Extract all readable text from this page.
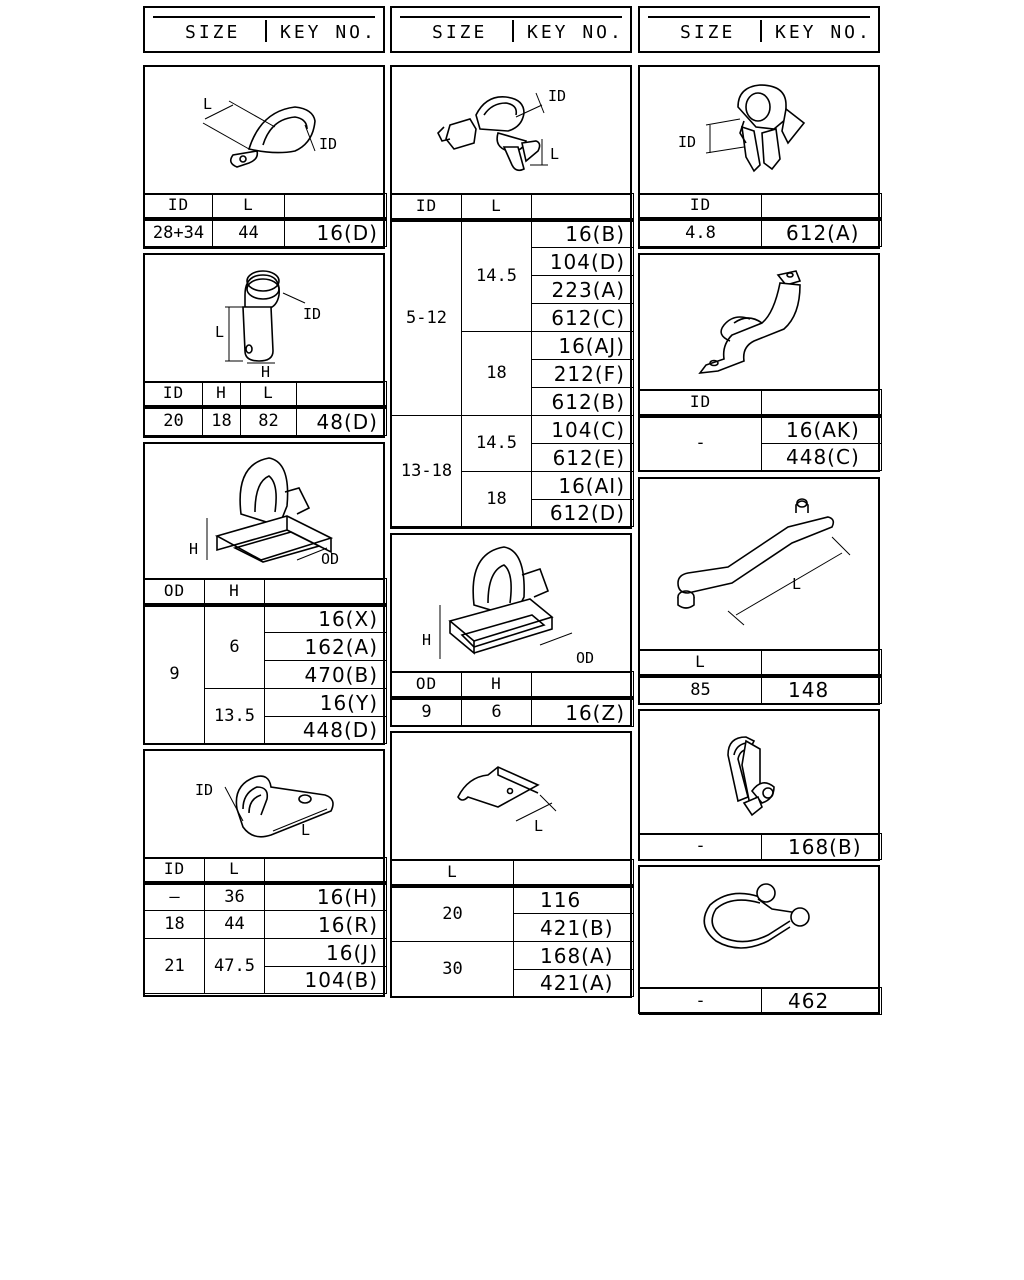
SIZE KEY NO.	SIZE KEY NO.	SIZE KEY NO.
L
ID
ID	L	
28+34	44	16(D)
L
ID
H
ID	H	L	
20	18	82	48(D)
H
OD
OD	H	
9	6	16(X)
		162(A)
		470(B)
	13.5	16(Y)
		448(D)
ID
L
ID	L	
—	36	16(H)
18	44	16(R)
21	47.5	16(J)
		104(B)
ID
L
ID	L	
5-12	14.5	16(B)
		104(D)
		223(A)
		612(C)
	18	16(AJ)
		212(F)
		612(B)
13-18	14.5	104(C)
		612(E)
	18	16(AI)
		612(D)
H
OD
OD	H	
9	6	16(Z)
L
L	
20	116
	421(B)
30	168(A)
	421(A)
ID
ID	
4.8	612(A)
ID	
-	16(AK)
	448(C)
L
L	
85	148
-	168(B)
-	462
